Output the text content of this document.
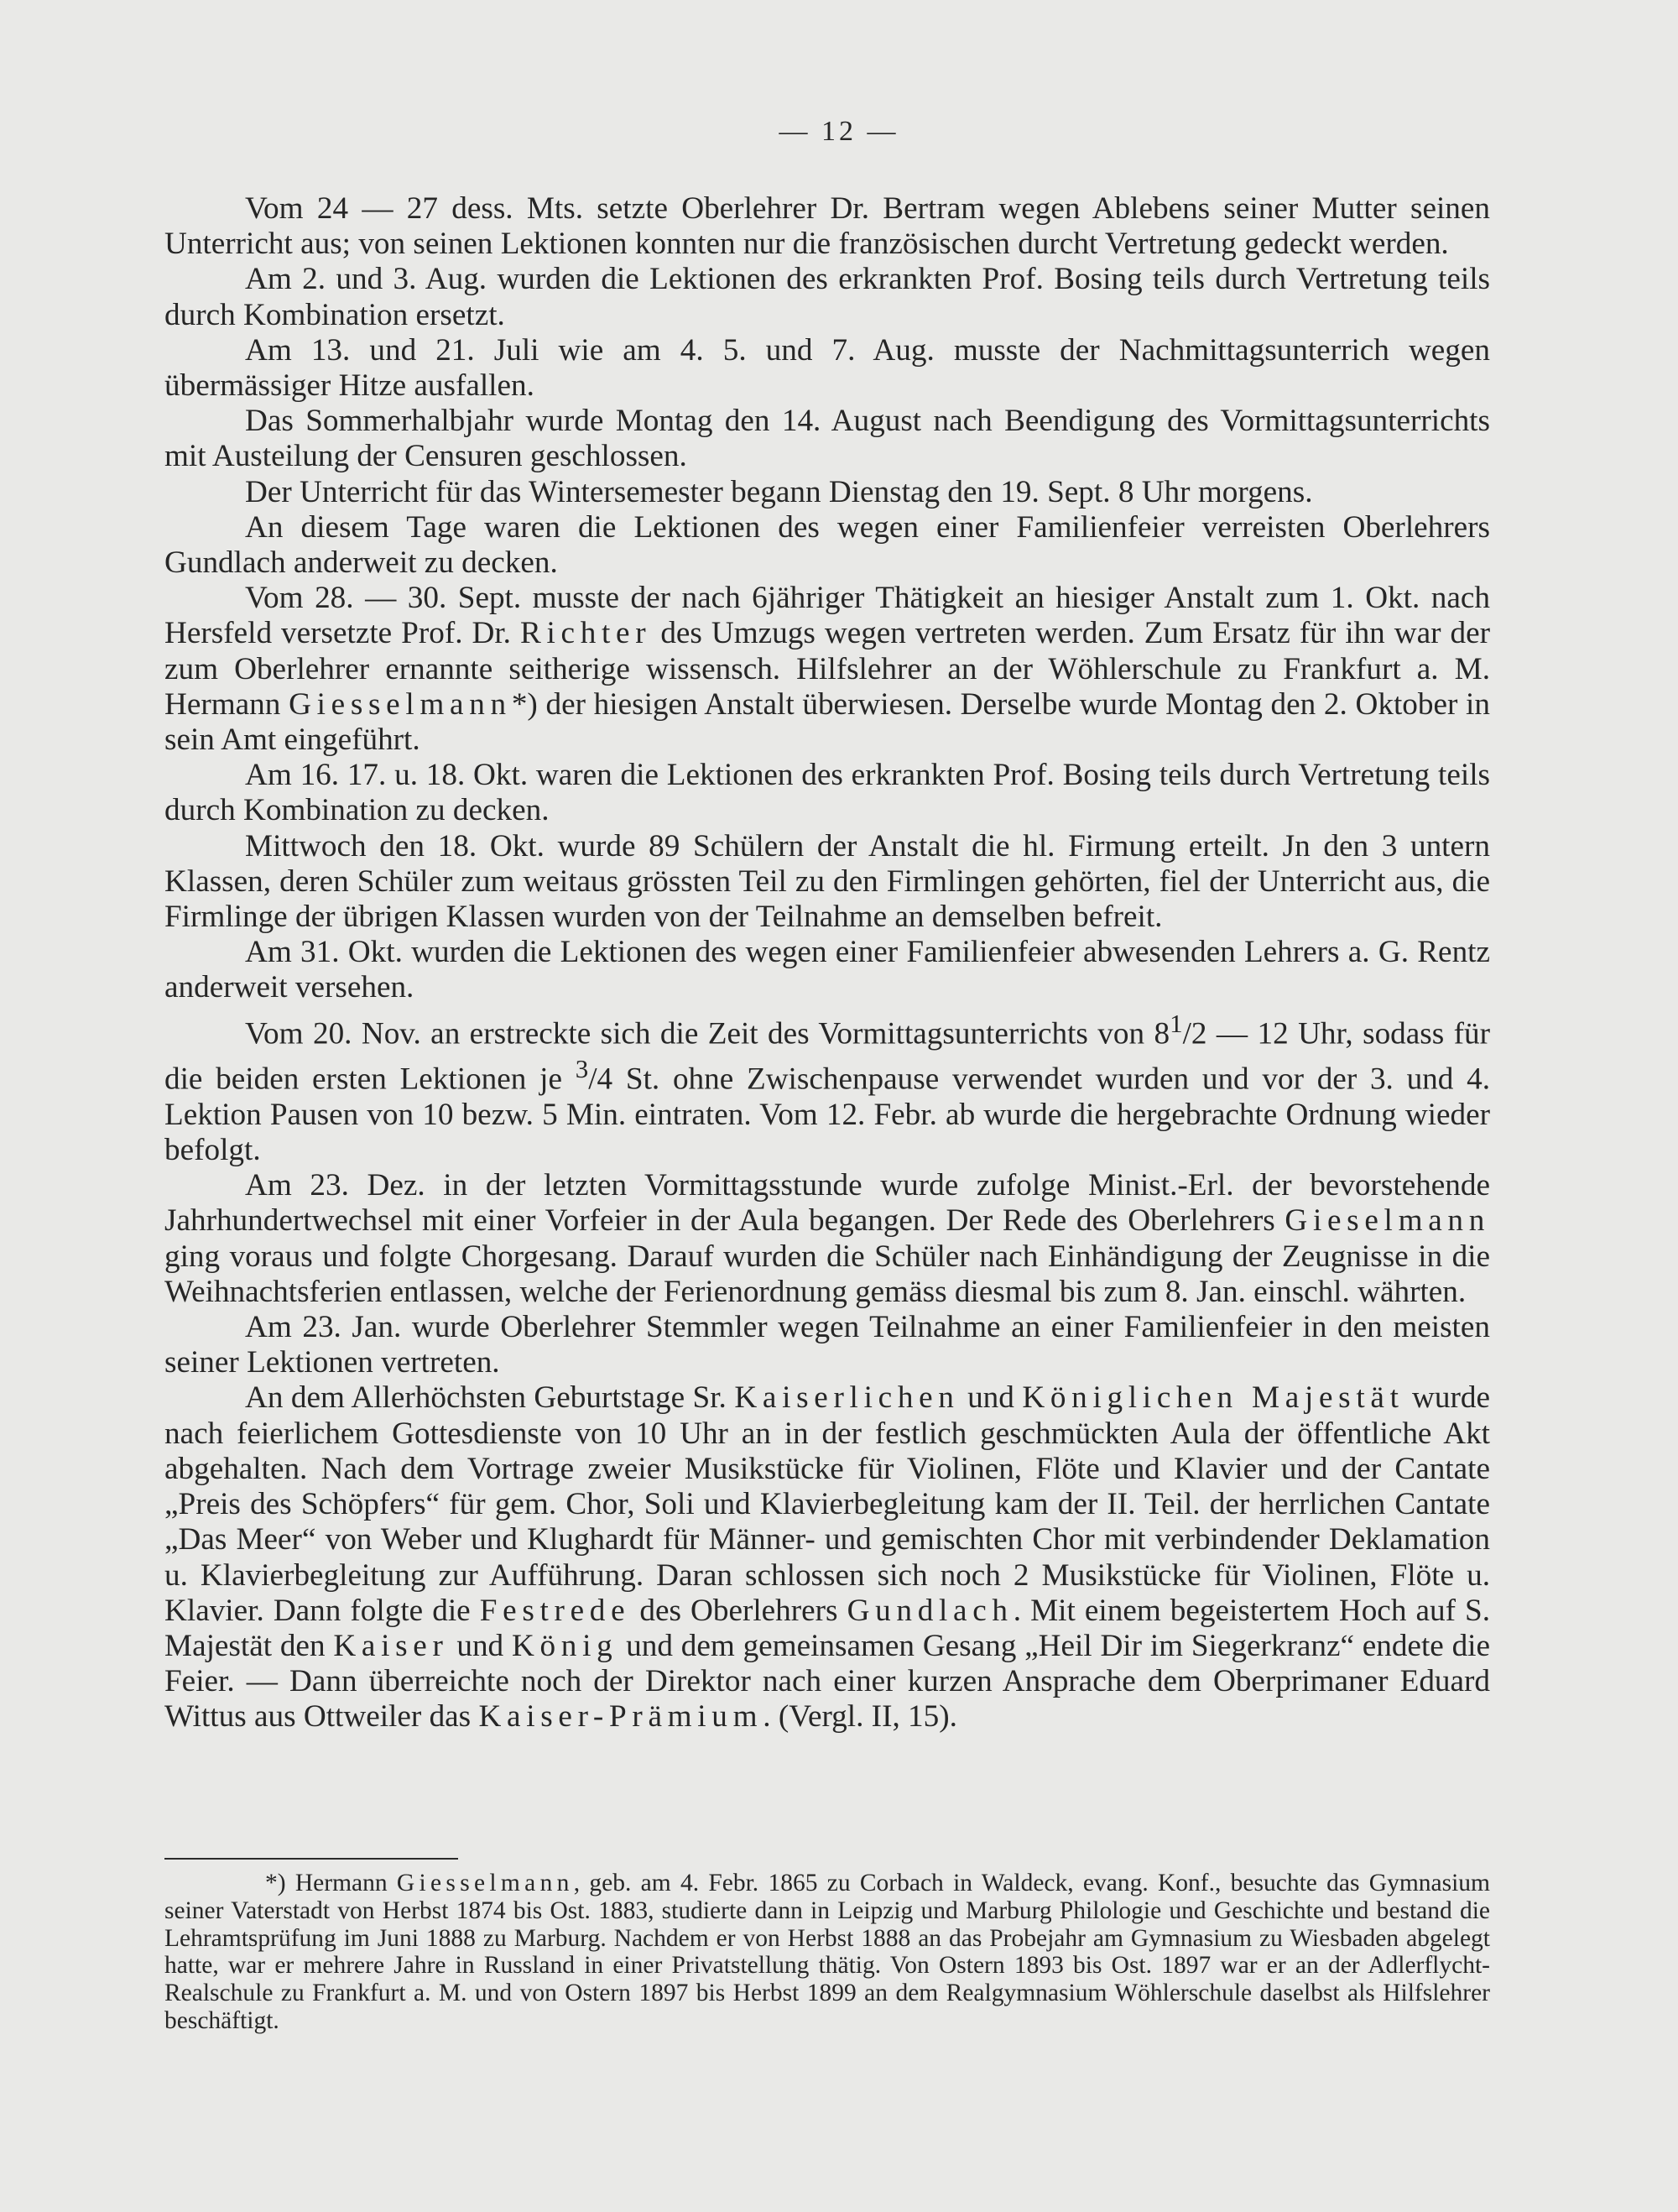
— 12 —

Vom 24 — 27 dess. Mts. setzte Oberlehrer Dr. Bertram wegen Ablebens seiner Mutter seinen Unterricht aus; von seinen Lektionen konnten nur die französischen durcht Vertretung gedeckt werden.

Am 2. und 3. Aug. wurden die Lektionen des erkrankten Prof. Bosing teils durch Vertretung teils durch Kombination ersetzt.

Am 13. und 21. Juli wie am 4. 5. und 7. Aug. musste der Nachmittagsunterrich wegen übermässiger Hitze ausfallen.

Das Sommerhalbjahr wurde Montag den 14. August nach Beendigung des Vormittagsunterrichts mit Austeilung der Censuren geschlossen.

Der Unterricht für das Wintersemester begann Dienstag den 19. Sept. 8 Uhr morgens.

An diesem Tage waren die Lektionen des wegen einer Familienfeier verreisten Oberlehrers Gundlach anderweit zu decken.

Vom 28. — 30. Sept. musste der nach 6jähriger Thätigkeit an hiesiger Anstalt zum 1. Okt. nach Hersfeld versetzte Prof. Dr. Richter des Umzugs wegen vertreten werden. Zum Ersatz für ihn war der zum Oberlehrer ernannte seitherige wissensch. Hilfslehrer an der Wöhlerschule zu Frankfurt a. M. Hermann Giesselmann*) der hiesigen Anstalt überwiesen. Derselbe wurde Montag den 2. Oktober in sein Amt eingeführt.

Am 16. 17. u. 18. Okt. waren die Lektionen des erkrankten Prof. Bosing teils durch Vertretung teils durch Kombination zu decken.

Mittwoch den 18. Okt. wurde 89 Schülern der Anstalt die hl. Firmung erteilt. Jn den 3 untern Klassen, deren Schüler zum weitaus grössten Teil zu den Firmlingen gehörten, fiel der Unterricht aus, die Firmlinge der übrigen Klassen wurden von der Teilnahme an demselben befreit.

Am 31. Okt. wurden die Lektionen des wegen einer Familienfeier abwesenden Lehrers a. G. Rentz anderweit versehen.

Vom 20. Nov. an erstreckte sich die Zeit des Vormittagsunterrichts von $8^1/2$ — 12 Uhr, sodass für die beiden ersten Lektionen je $^3$/4 St. ohne Zwischenpause verwendet wurden und vor der 3. und 4. Lektion Pausen von 10 bezw. 5 Min. eintraten. Vom 12. Febr. ab wurde die hergebrachte Ordnung wieder befolgt.

Am 23. Dez. in der letzten Vormittagsstunde wurde zufolge Minist.-Erl. der bevorstehende Jahrhundertwechsel mit einer Vorfeier in der Aula begangen. Der Rede des Oberlehrers Gieselmann ging voraus und folgte Chorgesang. Darauf wurden die Schüler nach Einhändigung der Zeugnisse in die Weihnachtsferien entlassen, welche der Ferienordnung gemäss diesmal bis zum 8. Jan. einschl. währten.

Am 23. Jan. wurde Oberlehrer Stemmler wegen Teilnahme an einer Familienfeier in den meisten seiner Lektionen vertreten.

An dem Allerhöchsten Geburtstage Sr. Kaiserlichen und Königlichen Majestät wurde nach feierlichem Gottesdienste von 10 Uhr an in der festlich geschmückten Aula der öffentliche Akt abgehalten. Nach dem Vortrage zweier Musikstücke für Violinen, Flöte und Klavier und der Cantate „Preis des Schöpfers“ für gem. Chor, Soli und Klavierbegleitung kam der II. Teil. der herrlichen Cantate „Das Meer“ von Weber und Klughardt für Männer- und gemischten Chor mit verbindender Deklamation u. Klavierbegleitung zur Aufführung. Daran schlossen sich noch 2 Musikstücke für Violinen, Flöte u. Klavier. Dann folgte die Festrede des Oberlehrers Gundlach. Mit einem begeistertem Hoch auf S. Majestät den Kaiser und König und dem gemeinsamen Gesang „Heil Dir im Siegerkranz“ endete die Feier. — Dann überreichte noch der Direktor nach einer kurzen Ansprache dem Oberprimaner Eduard Wittus aus Ottweiler das Kaiser-Prämium. (Vergl. II, 15).

*) Hermann Giesselmann, geb. am 4. Febr. 1865 zu Corbach in Waldeck, evang. Konf., besuchte das Gymnasium seiner Vaterstadt von Herbst 1874 bis Ost. 1883, studierte dann in Leipzig und Marburg Philologie und Geschichte und bestand die Lehramtsprüfung im Juni 1888 zu Marburg. Nachdem er von Herbst 1888 an das Probejahr am Gymnasium zu Wiesbaden abgelegt hatte, war er mehrere Jahre in Russland in einer Privatstellung thätig. Von Ostern 1893 bis Ost. 1897 war er an der Adlerflycht-Realschule zu Frankfurt a. M. und von Ostern 1897 bis Herbst 1899 an dem Realgymnasium Wöhlerschule daselbst als Hilfslehrer beschäftigt.
